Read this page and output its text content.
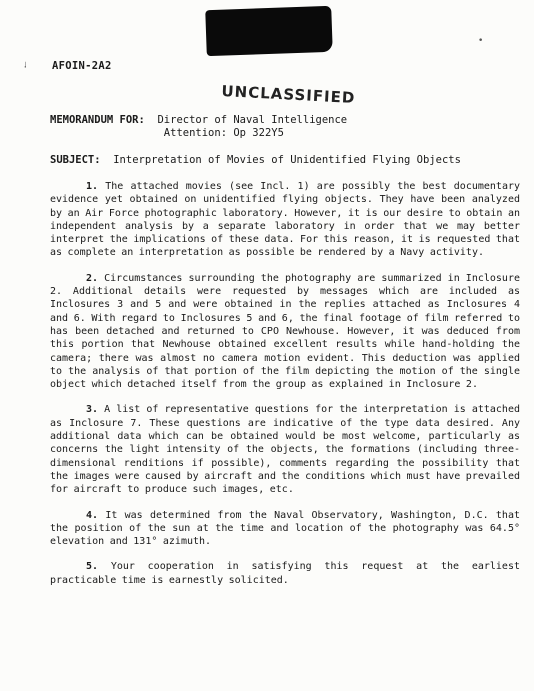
AFOIN-2A2
UNCLASSIFIED
MEMORANDUM FOR: Director of Naval Intelligence
Attention: Op 322Y5
SUBJECT: Interpretation of Movies of Unidentified Flying Objects

1. The attached movies (see Incl. 1) are possibly the best documentary evidence yet obtained on unidentified flying objects. They have been analyzed by an Air Force photographic laboratory. However, it is our desire to obtain an independent analysis by a separate laboratory in order that we may better interpret the implications of these data. For this reason, it is requested that as complete an interpretation as possible be rendered by a Navy activity.

2. Circumstances surrounding the photography are summarized in Inclosure 2. Additional details were requested by messages which are included as Inclosures 3 and 5 and were obtained in the replies attached as Inclosures 4 and 6. With regard to Inclosures 5 and 6, the final footage of film referred to has been detached and returned to CPO Newhouse. However, it was deduced from this portion that Newhouse obtained excellent results while hand-holding the camera; there was almost no camera motion evident. This deduction was applied to the analysis of that portion of the film depicting the motion of the single object which detached itself from the group as explained in Inclosure 2.

3. A list of representative questions for the interpretation is attached as Inclosure 7. These questions are indicative of the type data desired. Any additional data which can be obtained would be most welcome, particularly as concerns the light intensity of the objects, the formations (including three-dimensional renditions if possible), comments regarding the possibility that the images were caused by aircraft and the conditions which must have prevailed for aircraft to produce such images, etc.

4. It was determined from the Naval Observatory, Washington, D.C. that the position of the sun at the time and location of the photography was 64.5° elevation and 131° azimuth.

5. Your cooperation in satisfying this request at the earliest practicable time is earnestly solicited.

ᛍ
•
